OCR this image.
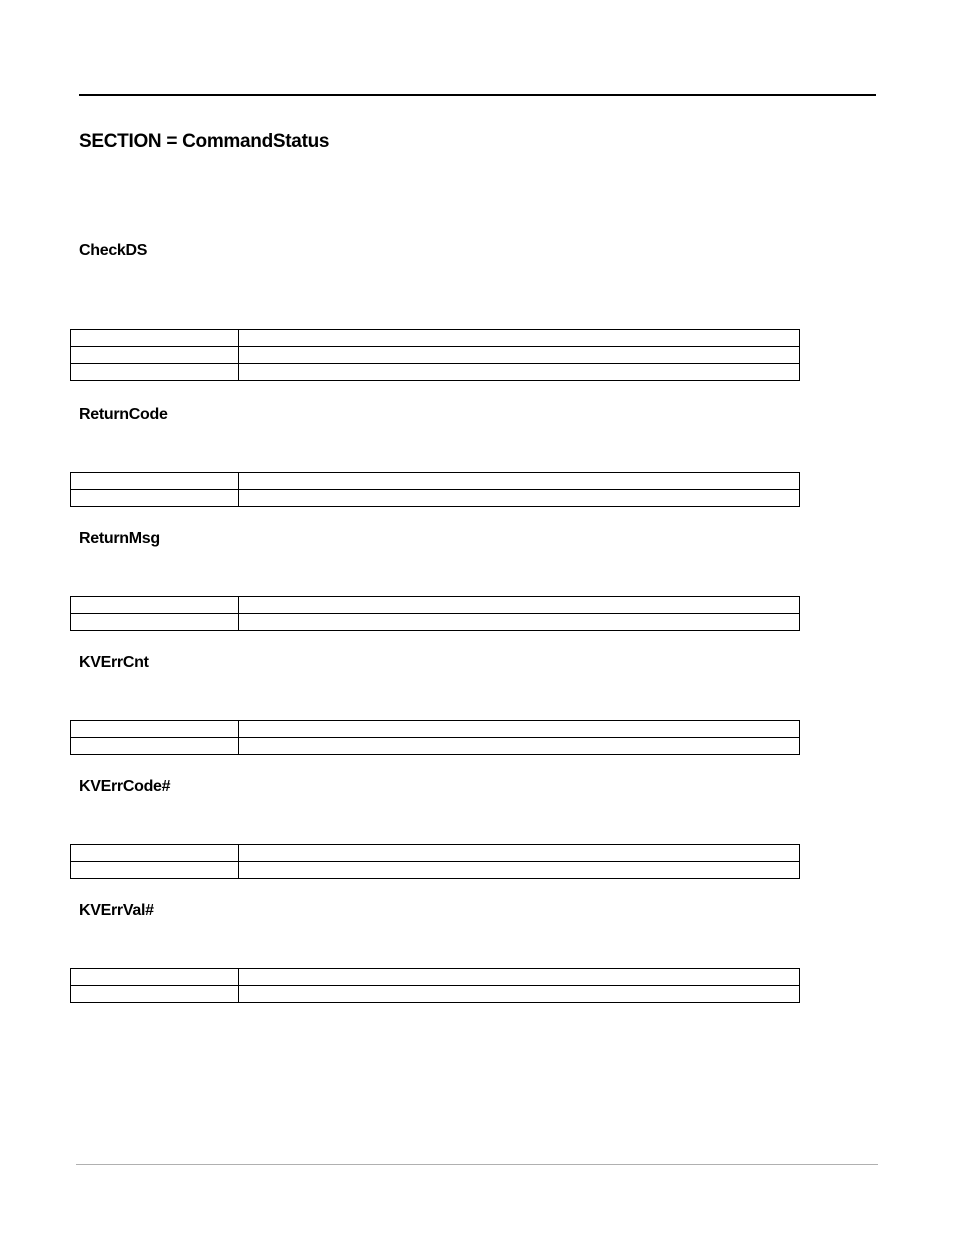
SECTION = CommandStatus
CheckDS

ReturnCode

ReturnMsg

KVErrCnt

KVErrCode#

KVErrVal#
